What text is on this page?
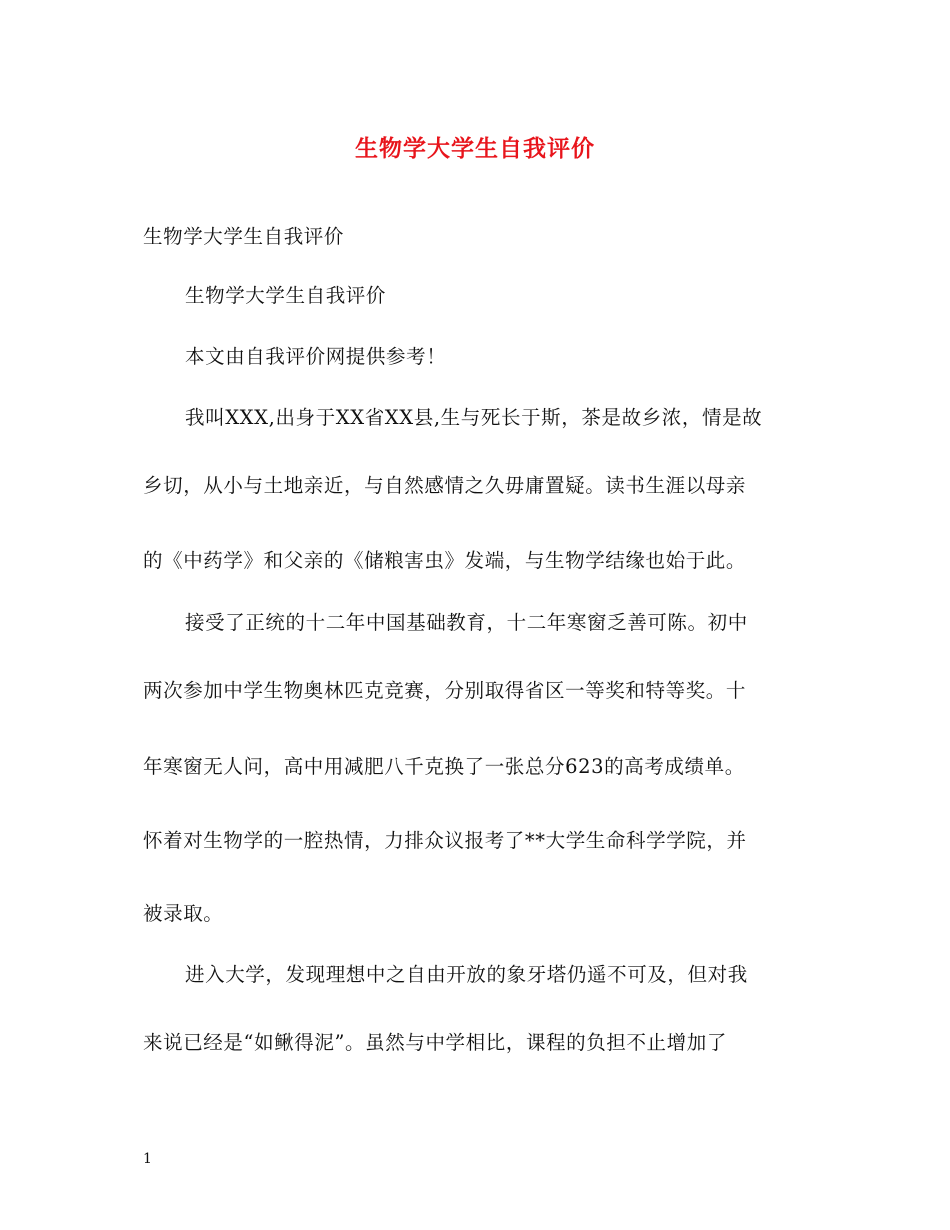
生物学大学生自我评价
生物学大学生自我评价
生物学大学生自我评价
本文由自我评价网提供参考！
我叫XXX,出身于XX省XX县,生与死长于斯，茶是故乡浓，情是故
乡切，从小与土地亲近，与自然感情之久毋庸置疑。读书生涯以母亲
的《中药学》和父亲的《储粮害虫》发端，与生物学结缘也始于此。
接受了正统的十二年中国基础教育，十二年寒窗乏善可陈。初中
两次参加中学生物奥林匹克竞赛，分别取得省区一等奖和特等奖。十
年寒窗无人问，高中用减肥八千克换了一张总分623的高考成绩单。
怀着对生物学的一腔热情，力排众议报考了**大学生命科学学院，并
被录取。
进入大学，发现理想中之自由开放的象牙塔仍遥不可及，但对我
来说已经是“如鳅得泥”。虽然与中学相比，课程的负担不止增加了
1
